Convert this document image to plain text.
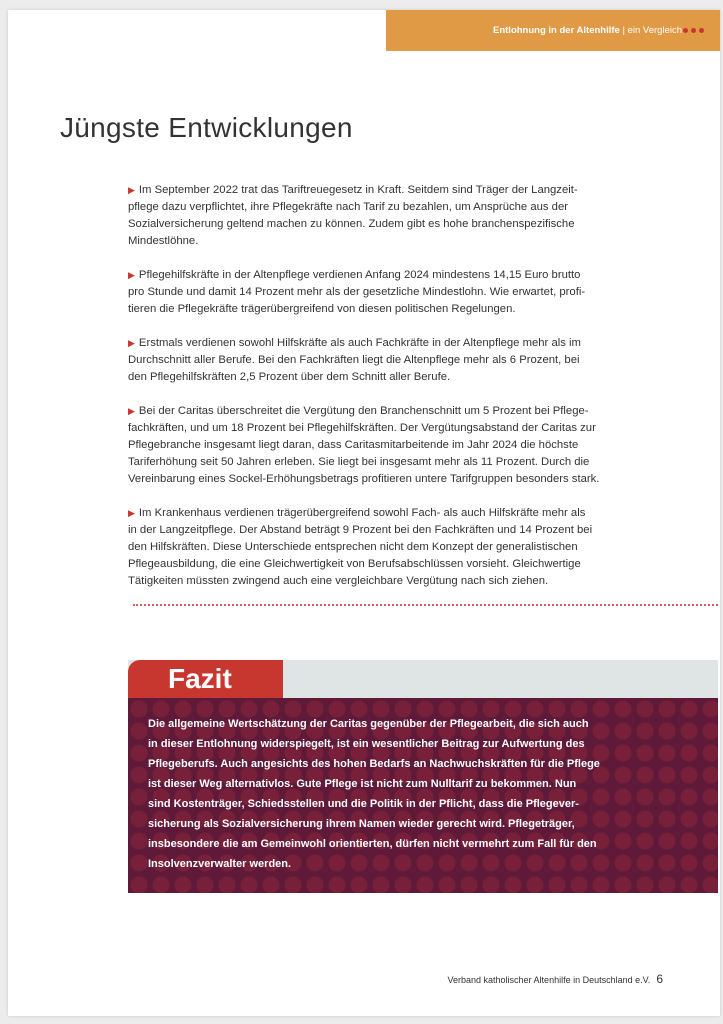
Entlohnung in der Altenhilfe | ein Vergleich
Jüngste Entwicklungen
▶ Im September 2022 trat das Tariftreuegesetz in Kraft. Seitdem sind Träger der Langzeit-
pflege dazu verpflichtet, ihre Pflegekräfte nach Tarif zu bezahlen, um Ansprüche aus der
Sozialversicherung geltend machen zu können. Zudem gibt es hohe branchenspezifische
Mindestlöhne.
▶ Pflegehilfskräfte in der Altenpflege verdienen Anfang 2024 mindestens 14,15 Euro brutto
pro Stunde und damit 14 Prozent mehr als der gesetzliche Mindestlohn. Wie erwartet, profi-
tieren die Pflegekräfte trägerübergreifend von diesen politischen Regelungen.
▶ Erstmals verdienen sowohl Hilfskräfte als auch Fachkräfte in der Altenpflege mehr als im
Durchschnitt aller Berufe. Bei den Fachkräften liegt die Altenpflege mehr als 6 Prozent, bei
den Pflegehilfskräften 2,5 Prozent über dem Schnitt aller Berufe.
▶ Bei der Caritas überschreitet die Vergütung den Branchenschnitt um 5 Prozent bei Pflege-
fachkräften, und um 18 Prozent bei Pflegehilfskräften. Der Vergütungsabstand der Caritas zur
Pflegebranche insgesamt liegt daran, dass Caritasmitarbeitende im Jahr 2024 die höchste
Tariferhöhung seit 50 Jahren erleben. Sie liegt bei insgesamt mehr als 11 Prozent. Durch die
Vereinbarung eines Sockel-Erhöhungsbetrags profitieren untere Tarifgruppen besonders stark.
▶ Im Krankenhaus verdienen trägerübergreifend sowohl Fach- als auch Hilfskräfte mehr als
in der Langzeitpflege. Der Abstand beträgt 9 Prozent bei den Fachkräften und 14 Prozent bei
den Hilfskräften. Diese Unterschiede entsprechen nicht dem Konzept der generalistischen
Pflegeausbildung, die eine Gleichwertigkeit von Berufsabschlüssen vorsieht. Gleichwertige
Tätigkeiten müssten zwingend auch eine vergleichbare Vergütung nach sich ziehen.
Fazit
Die allgemeine Wertschätzung der Caritas gegenüber der Pflegearbeit, die sich auch
in dieser Entlohnung widerspiegelt, ist ein wesentlicher Beitrag zur Aufwertung des
Pflegeberufs. Auch angesichts des hohen Bedarfs an Nachwuchskräften für die Pflege
ist dieser Weg alternativlos. Gute Pflege ist nicht zum Nulltarif zu bekommen. Nun
sind Kostenträger, Schiedsstellen und die Politik in der Pflicht, dass die Pflegever-
sicherung als Sozialversicherung ihrem Namen wieder gerecht wird. Pflegeträger,
insbesondere die am Gemeinwohl orientierten, dürfen nicht vermehrt zum Fall für den
Insolvenzverwalter werden.
Verband katholischer Altenhilfe in Deutschland e.V. 6
